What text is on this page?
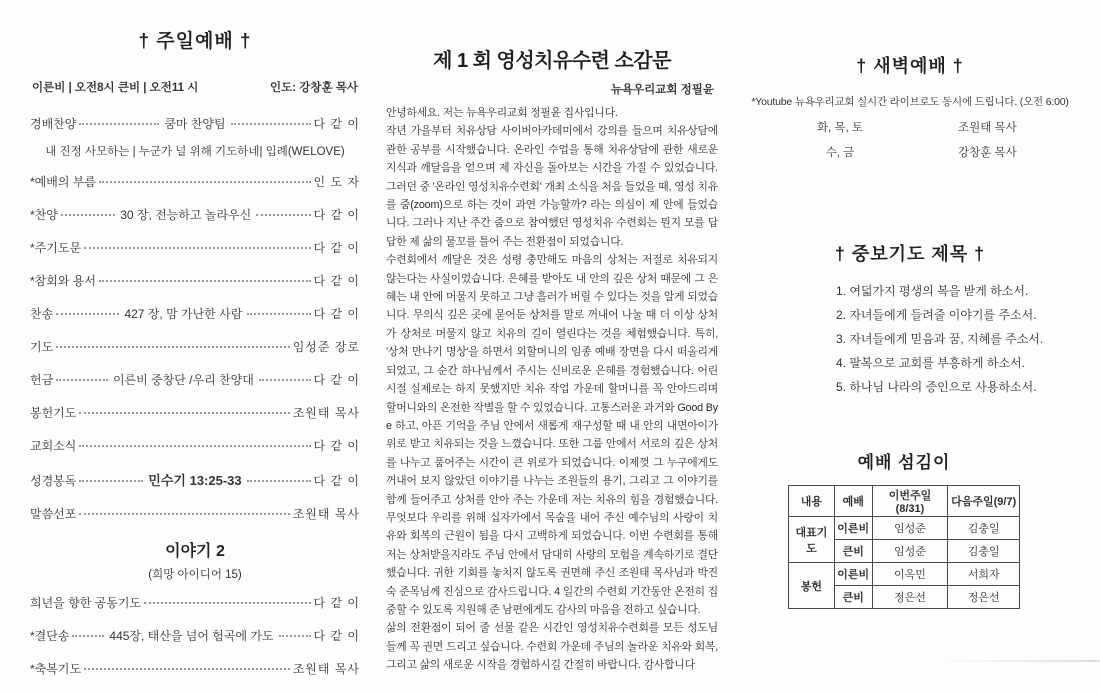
† 주일예배 †
이른비 | 오전8시 큰비 | 오전11 시	인도: 강창훈 목사
경배찬양	쿰마 찬양팀	다 같 이
내 진정 사모하는 | 누군가 널 위해 기도하네| 입례(WELOVE)
*예배의 부름	인 도 자
*찬양	30 장, 전능하고 놀라우신	다 같 이
*주기도문	다 같 이
*참회와 용서	다 같 이
찬송	427 장, 맘 가난한 사람	다 같 이
기도	임성준 장로
헌금	이른비 중창단 /우리 찬양대	다 같 이
봉헌기도	조원태 목사
교회소식	다 같 이
성경봉독	민수기 13:25-33	다 같 이
말씀선포	조원태 목사
이야기 2
(희망 아이디어 15)
희년을 향한 공동기도	다 같 이
*결단송	445장, 태산을 넘어 험곡에 가도	다 같 이
*축복기도	조원태 목사
제 1 회 영성치유수련 소감문
뉴욕우리교회 정필윤

안녕하세요. 저는 뉴욕우리교회 정필윤 집사입니다.

작년 가을부터 치유상담 사이버아카데미에서 강의를 들으며 치유상담에 관한 공부를 시작했습니다. 온라인 수업을 통해 치유상담에 관한 새로운 지식과 깨달음을 얻으며 제 자신을 돌아보는 시간을 가질 수 있었습니다. 그러던 중 '온라인 영성치유수련회' 개최 소식을 처음 들었을 때, 영성 치유를 줌(zoom)으로 하는 것이 과연 가능할까? 라는 의심이 제 안에 들었습니다. 그러나 지난 주간 줌으로 참여했던 영성치유 수련회는 뭔지 모를 답답한 제 삶의 물꼬를 틀어 주는 전환점이 되었습니다.

수련회에서 깨달은 것은 성령 충만해도 마음의 상처는 저절로 치유되지 않는다는 사실이었습니다. 은혜를 받아도 내 안의 깊은 상처 때문에 그 은혜는 내 안에 머물지 못하고 그냥 흘러가 버릴 수 있다는 것을 알게 되었습니다. 무의식 깊은 곳에 묻어둔 상처를 말로 꺼내어 나눌 때 더 이상 상처가 상처로 머물지 않고 치유의 길이 열린다는 것을 체험했습니다. 특히, '상처 만나기 명상'을 하면서 외할머니의 임종 예배 장면을 다시 떠올리게 되었고, 그 순간 하나님께서 주시는 신비로운 은혜를 경험했습니다. 어린 시절 실제로는 하지 못했지만 치유 작업 가운데 할머니를 꼭 안아드리며 할머니와의 온전한 작별을 할 수 있었습니다. 고통스러운 과거와 Good Bye 하고, 아픈 기억을 주님 안에서 새롭게 재구성할 때 내 안의 내면아이가 위로 받고 치유되는 것을 느꼈습니다. 또한 그룹 안에서 서로의 깊은 상처를 나누고 품어주는 시간이 큰 위로가 되었습니다. 이제껏 그 누구에게도 꺼내어 보지 않았던 이야기를 나누는 조원들의 용기, 그리고 그 이야기를 함께 들어주고 상처를 안아 주는 가운데 저는 치유의 힘을 경험했습니다. 무엇보다 우리를 위해 십자가에서 목숨을 내어 주신 예수님의 사랑이 치유와 회복의 근원이 됨을 다시 고백하게 되었습니다. 이번 수련회를 통해 저는 상처받을지라도 주님 안에서 담대히 사랑의 모험을 계속하기로 결단했습니다. 귀한 기회를 놓치지 않도록 권면해 주신 조원태 목사님과 박진숙 준목님께 진심으로 감사드립니다. 4 일간의 수련회 기간동안 온전히 집중할 수 있도록 지원해 준 남편에게도 감사의 마음을 전하고 싶습니다.

삶의 전환점이 되어 줄 선물 같은 시간인 영성치유수련회를 모든 성도님들께 꼭 권면 드리고 싶습니다. 수련회 가운데 주님의 놀라운 치유와 회복, 그리고 삶의 새로운 시작을 경험하시길 간절히 바랍니다. 감사합니다

† 새벽예배 †
*Youtube 뉴욕우리교회 실시간 라이브로도 동시에 드립니다. (오전 6:00)
화, 목, 토	조원태 목사
수, 금	강창훈 목사
† 중보기도 제목 †
1. 여덟가지 평생의 복을 받게 하소서.
2. 자녀들에게 들려줄 이야기를 주소서.
3. 자녀들에게 믿음과 꿈, 지혜를 주소서.
4. 팔복으로 교회를 부흥하게 하소서.
5. 하나님 나라의 증인으로 사용하소서.
예배 섬김이
내용	예배	이번주일(8/31)	다음주일(9/7)
대표기도	이른비	임성준	김충일
	큰비	임성준	김충일
봉헌	이른비	이옥민	서희자
	큰비	정은선	정은선
